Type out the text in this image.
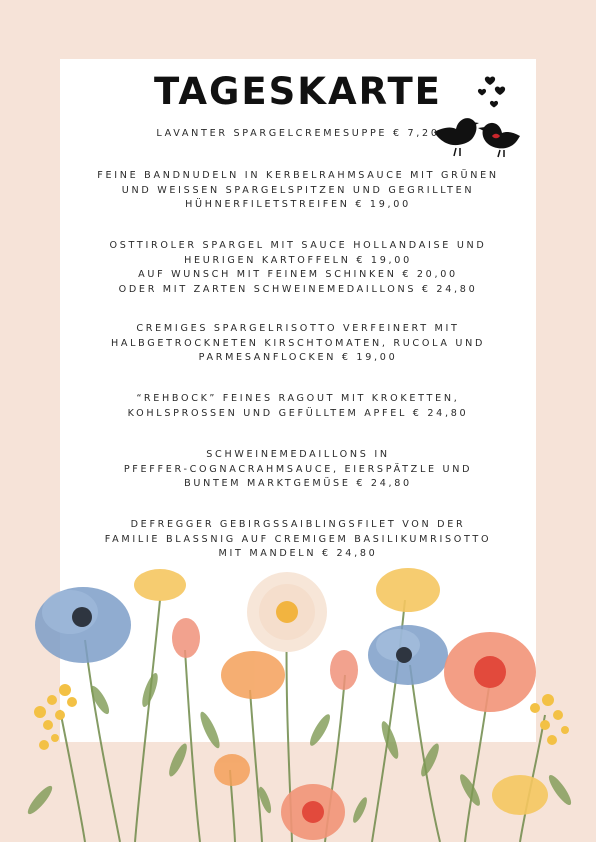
TAGESKARTE

LAVANTER SPARGELCREMESUPPE € 7,20

FEINE BANDNUDELN IN KERBELRAHMSAUCE MIT GRÜNEN

UND WEISSEN SPARGELSPITZEN UND GEGRILLTEN

HÜHNERFILETSTREIFEN € 19,00

OSTTIROLER SPARGEL MIT SAUCE HOLLANDAISE UND

HEURIGEN KARTOFFELN € 19,00

AUF WUNSCH MIT FEINEM SCHINKEN € 20,00

ODER MIT ZARTEN SCHWEINEMEDAILLONS € 24,80

CREMIGES SPARGELRISOTTO VERFEINERT MIT

HALBGETROCKNETEN KIRSCHTOMATEN, RUCOLA UND

PARMESANFLOCKEN € 19,00

“REHBOCK” FEINES RAGOUT MIT KROKETTEN,

KOHLSPROSSEN UND GEFÜLLTEM APFEL € 24,80

SCHWEINEMEDAILLONS IN

PFEFFER-COGNACRAHMSAUCE, EIERSPÄTZLE UND

BUNTEM MARKTGEMÜSE € 24,80

DEFREGGER GEBIRGSSAIBLINGSFILET VON DER

FAMILIE BLASSNIG AUF CREMIGEM BASILIKUMRISOTTO

MIT MANDELN € 24,80
